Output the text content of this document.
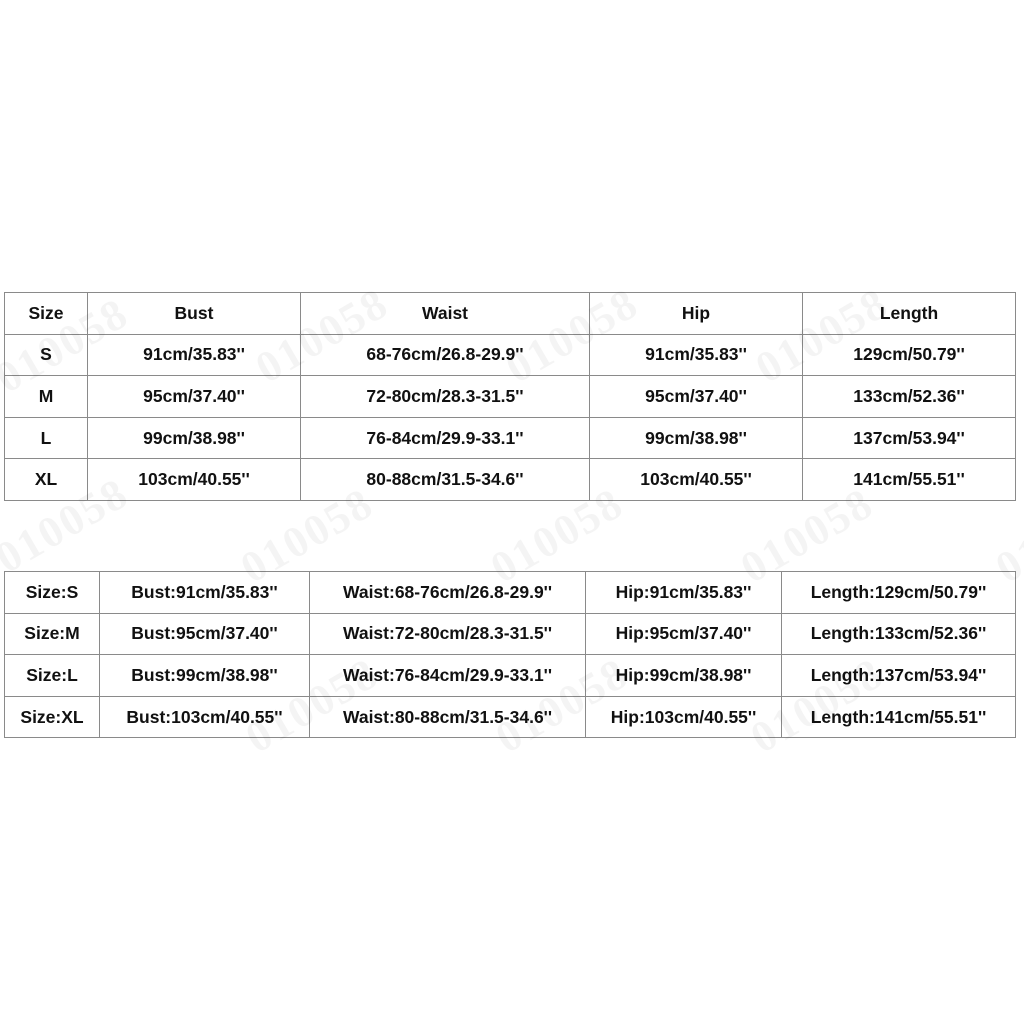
Size	Bust	Waist	Hip	Length
S	91cm/35.83''	68-76cm/26.8-29.9''	91cm/35.83''	129cm/50.79''
M	95cm/37.40''	72-80cm/28.3-31.5''	95cm/37.40''	133cm/52.36''
L	99cm/38.98''	76-84cm/29.9-33.1''	99cm/38.98''	137cm/53.94''
XL	103cm/40.55''	80-88cm/31.5-34.6''	103cm/40.55''	141cm/55.51''
Size:S	Bust:91cm/35.83''	Waist:68-76cm/26.8-29.9''	Hip:91cm/35.83''	Length:129cm/50.79''
Size:M	Bust:95cm/37.40''	Waist:72-80cm/28.3-31.5''	Hip:95cm/37.40''	Length:133cm/52.36''
Size:L	Bust:99cm/38.98''	Waist:76-84cm/29.9-33.1''	Hip:99cm/38.98''	Length:137cm/53.94''
Size:XL	Bust:103cm/40.55''	Waist:80-88cm/31.5-34.6''	Hip:103cm/40.55''	Length:141cm/55.51''
